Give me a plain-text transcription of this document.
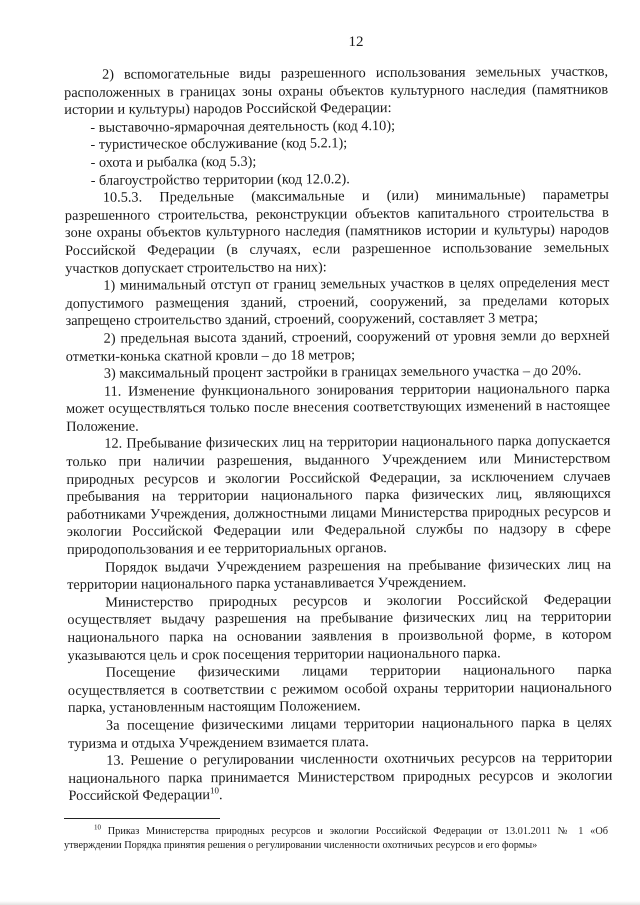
12

2) вспомогательные виды разрешенного использования земельных участков, расположенных в границах зоны охраны объектов культурного наследия (памятников истории и культуры) народов Российской Федерации:

- выставочно-ярмарочная деятельность (код 4.10);

- туристическое обслуживание (код 5.2.1);

- охота и рыбалка (код 5.3);

- благоустройство территории (код 12.0.2).

10.5.3. Предельные (максимальные и (или) минимальные) параметры разрешенного строительства, реконструкции объектов капитального строительства в зоне охраны объектов культурного наследия (памятников истории и культуры) народов Российской Федерации (в случаях, если разрешенное использование земельных участков допускает строительство на них):

1) минимальный отступ от границ земельных участков в целях определения мест допустимого размещения зданий, строений, сооружений, за пределами которых запрещено строительство зданий, строений, сооружений, составляет 3 метра;

2) предельная высота зданий, строений, сооружений от уровня земли до верхней отметки-конька скатной кровли – до 18 метров;

3) максимальный процент застройки в границах земельного участка – до 20%.

11. Изменение функционального зонирования территории национального парка может осуществляться только после внесения соответствующих изменений в настоящее Положение.

12. Пребывание физических лиц на территории национального парка допускается только при наличии разрешения, выданного Учреждением или Министерством природных ресурсов и экологии Российской Федерации, за исключением случаев пребывания на территории национального парка физических лиц, являющихся работниками Учреждения, должностными лицами Министерства природных ресурсов и экологии Российской Федерации или Федеральной службы по надзору в сфере природопользования и ее территориальных органов.

Порядок выдачи Учреждением разрешения на пребывание физических лиц на территории национального парка устанавливается Учреждением.

Министерство природных ресурсов и экологии Российской Федерации осуществляет выдачу разрешения на пребывание физических лиц на территории национального парка на основании заявления в произвольной форме, в котором указываются цель и срок посещения территории национального парка.

Посещение физическими лицами территории национального парка осуществляется в соответствии с режимом особой охраны территории национального парка, установленным настоящим Положением.

За посещение физическими лицами территории национального парка в целях туризма и отдыха Учреждением взимается плата.

13. Решение о регулировании численности охотничьих ресурсов на территории национального парка принимается Министерством природных ресурсов и экологии Российской Федерации$^{10}$.

$^{10}$ Приказ Министерства природных ресурсов и экологии Российской Федерации от 13.01.2011 № 1 «Об утверждении Порядка принятия решения о регулировании численности охотничьих ресурсов и его формы»
